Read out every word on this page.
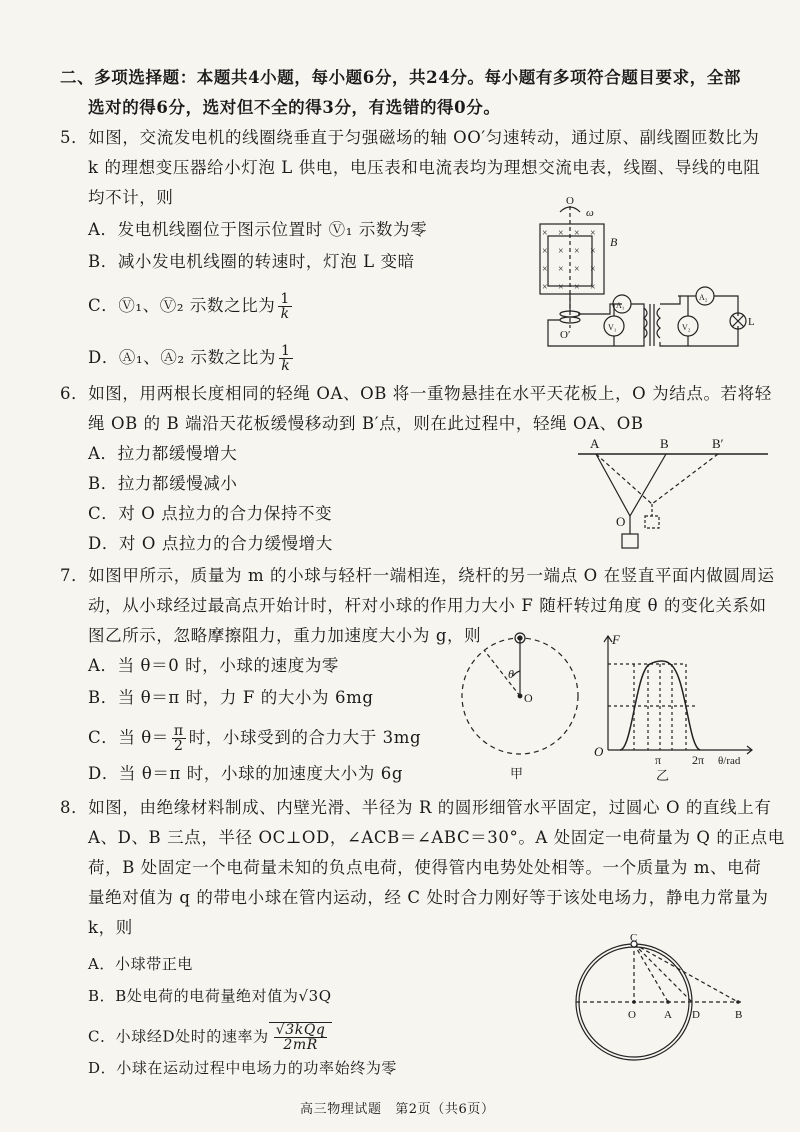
二、多项选择题：本题共4小题，每小题6分，共24分。每小题有多项符合题目要求，全部
选对的得6分，选对但不全的得3分，有选错的得0分。
5．如图，交流发电机的线圈绕垂直于匀强磁场的轴 OO′匀速转动，通过原、副线圈匝数比为
k 的理想变压器给小灯泡 L 供电，电压表和电流表均为理想交流电表，线圈、导线的电阻
均不计，则
A．发电机线圈位于图示位置时 Ⓥ₁ 示数为零
B．减小发电机线圈的转速时，灯泡 L 变暗
C．Ⓥ₁、Ⓥ₂ 示数之比为 $\frac{1}{k}$
D．Ⓐ₁、Ⓐ₂ 示数之比为 $\frac{1}{k}$
× × × ×
× × × ×
× × × ×
× × × ×
O
ω
B
O′
A₁
A₂
V₁	V₂	L
6．如图，用两根长度相同的轻绳 OA、OB 将一重物悬挂在水平天花板上，O 为结点。若将轻
绳 OB 的 B 端沿天花板缓慢移动到 B′点，则在此过程中，轻绳 OA、OB
A．拉力都缓慢增大
B．拉力都缓慢减小
C．对 O 点拉力的合力保持不变
D．对 O 点拉力的合力缓慢增大
A	B	B′
O
7．如图甲所示，质量为 m 的小球与轻杆一端相连，绕杆的另一端点 O 在竖直平面内做圆周运
动，从小球经过最高点开始计时，杆对小球的作用力大小 F 随杆转过角度 θ 的变化关系如
图乙所示，忽略摩擦阻力，重力加速度大小为 g，则
A．当 θ＝0 时，小球的速度为零
B．当 θ＝π 时，力 F 的大小为 6mg
C．当 $\theta= \frac{\pi}{2}$ 时，小球受到的合力大于 3mg
D．当 θ＝π 时，小球的加速度大小为 6g
θ
O
甲
F
O
π	2π θ/rad
乙
8．如图，由绝缘材料制成、内壁光滑、半径为 R 的圆形细管水平固定，过圆心 O 的直线上有
A、D、B 三点，半径 OC⊥OD，∠ACB＝∠ABC＝30°。A 处固定一电荷量为 Q 的正点电
荷，B 处固定一个电荷量未知的负点电荷，使得管内电势处处相等。一个质量为 m、电荷
量绝对值为 q 的带电小球在管内运动，经 C 处时合力刚好等于该处电场力，静电力常量为
k，则
A．小球带正电
B．B处电荷的电荷量绝对值为√3Q
C．小球经D处时的速率为 $\frac{\text{√3kQq}}{2mR}$
D．小球在运动过程中电场力的功率始终为零
C
O	A D	B
高三物理试题　第2页（共6页）
